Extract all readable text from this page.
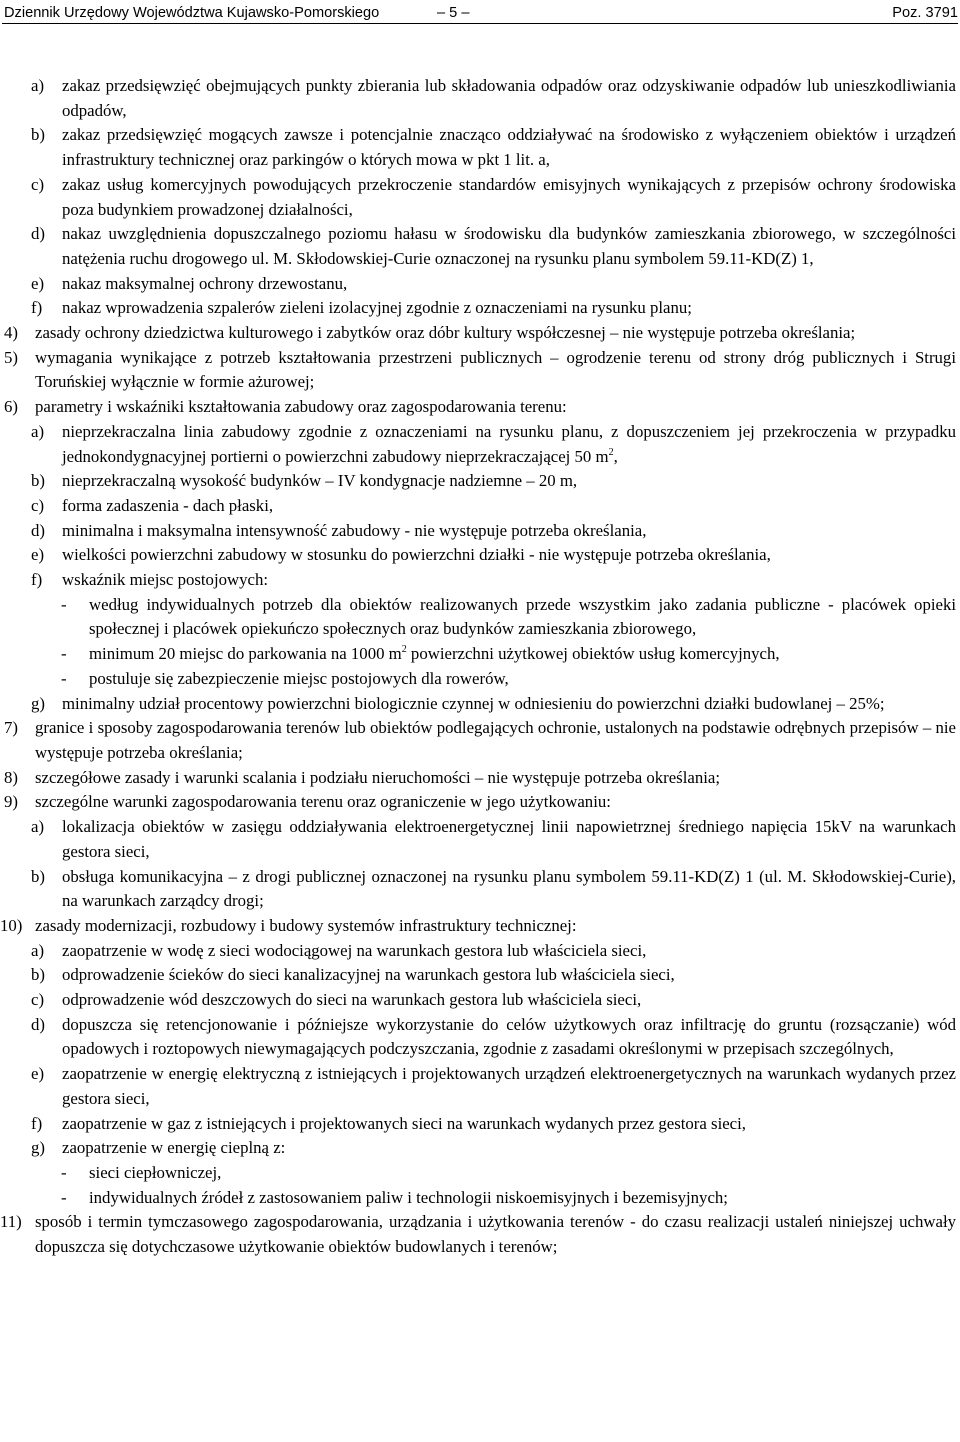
Dziennik Urzędowy Województwa Kujawsko-Pomorskiego	– 5 –	Poz. 3791
a)	zakaz przedsięwzięć obejmujących punkty zbierania lub składowania odpadów oraz odzyskiwanie odpadów lub unieszkodliwiania odpadów,
b)	zakaz przedsięwzięć mogących zawsze i potencjalnie znacząco oddziaływać na środowisko z wyłączeniem obiektów i urządzeń infrastruktury technicznej oraz parkingów o których mowa w pkt 1 lit. a,
c)	zakaz usług komercyjnych powodujących przekroczenie standardów emisyjnych wynikających z przepisów ochrony środowiska poza budynkiem prowadzonej działalności,
d)	nakaz uwzględnienia dopuszczalnego poziomu hałasu w środowisku dla budynków zamieszkania zbiorowego, w szczególności natężenia ruchu drogowego ul. M. Skłodowskiej-Curie oznaczonej na rysunku planu symbolem 59.11-KD(Z) 1,
e)	nakaz maksymalnej ochrony drzewostanu,
f)	nakaz wprowadzenia szpalerów zieleni izolacyjnej zgodnie z oznaczeniami na rysunku planu;
4)	zasady ochrony dziedzictwa kulturowego i zabytków oraz dóbr kultury współczesnej – nie występuje potrzeba określania;
5)	wymagania wynikające z potrzeb kształtowania przestrzeni publicznych – ogrodzenie terenu od strony dróg publicznych i Strugi Toruńskiej wyłącznie w formie ażurowej;
6)	parametry i wskaźniki kształtowania zabudowy oraz zagospodarowania terenu:
a)	nieprzekraczalna linia zabudowy zgodnie z oznaczeniami na rysunku planu, z dopuszczeniem jej przekroczenia w przypadku jednokondygnacyjnej portierni o powierzchni zabudowy nieprzekraczającej 50 $m^2$,
b)	nieprzekraczalną wysokość budynków – IV kondygnacje nadziemne – 20 m,
c)	forma zadaszenia - dach płaski,
d)	minimalna i maksymalna intensywność zabudowy - nie występuje potrzeba określania,
e)	wielkości powierzchni zabudowy w stosunku do powierzchni działki - nie występuje potrzeba określania,
f)	wskaźnik miejsc postojowych:
-	według indywidualnych potrzeb dla obiektów realizowanych przede wszystkim jako zadania publiczne - placówek opieki społecznej i placówek opiekuńczo społecznych oraz budynków zamieszkania zbiorowego,
-	minimum 20 miejsc do parkowania na 1000 $m^2$ powierzchni użytkowej obiektów usług komercyjnych,
-	postuluje się zabezpieczenie miejsc postojowych dla rowerów,
g)	minimalny udział procentowy powierzchni biologicznie czynnej w odniesieniu do powierzchni działki budowlanej – 25%;
7)	granice i sposoby zagospodarowania terenów lub obiektów podlegających ochronie, ustalonych na podstawie odrębnych przepisów – nie występuje potrzeba określania;
8)	szczegółowe zasady i warunki scalania i podziału nieruchomości – nie występuje potrzeba określania;
9)	szczególne warunki zagospodarowania terenu oraz ograniczenie w jego użytkowaniu:
a)	lokalizacja obiektów w zasięgu oddziaływania elektroenergetycznej linii napowietrznej średniego napięcia 15kV na warunkach gestora sieci,
b)	obsługa komunikacyjna – z drogi publicznej oznaczonej na rysunku planu symbolem 59.11-KD(Z) 1 (ul. M. Skłodowskiej-Curie), na warunkach zarządcy drogi;
10) zasady modernizacji, rozbudowy i budowy systemów infrastruktury technicznej:
a)	zaopatrzenie w wodę z sieci wodociągowej na warunkach gestora lub właściciela sieci,
b)	odprowadzenie ścieków do sieci kanalizacyjnej na warunkach gestora lub właściciela sieci,
c)	odprowadzenie wód deszczowych do sieci na warunkach gestora lub właściciela sieci,
d)	dopuszcza się retencjonowanie i późniejsze wykorzystanie do celów użytkowych oraz infiltrację do gruntu (rozsączanie) wód opadowych i roztopowych niewymagających podczyszczania, zgodnie z zasadami określonymi w przepisach szczególnych,
e)	zaopatrzenie w energię elektryczną z istniejących i projektowanych urządzeń elektroenergetycznych na warunkach wydanych przez gestora sieci,
f)	zaopatrzenie w gaz z istniejących i projektowanych sieci na warunkach wydanych przez gestora sieci,
g)	zaopatrzenie w energię cieplną z:
-	sieci ciepłowniczej,
-	indywidualnych źródeł z zastosowaniem paliw i technologii niskoemisyjnych i bezemisyjnych;
11) sposób i termin tymczasowego zagospodarowania, urządzania i użytkowania terenów - do czasu realizacji ustaleń niniejszej uchwały dopuszcza się dotychczasowe użytkowanie obiektów budowlanych i terenów;
